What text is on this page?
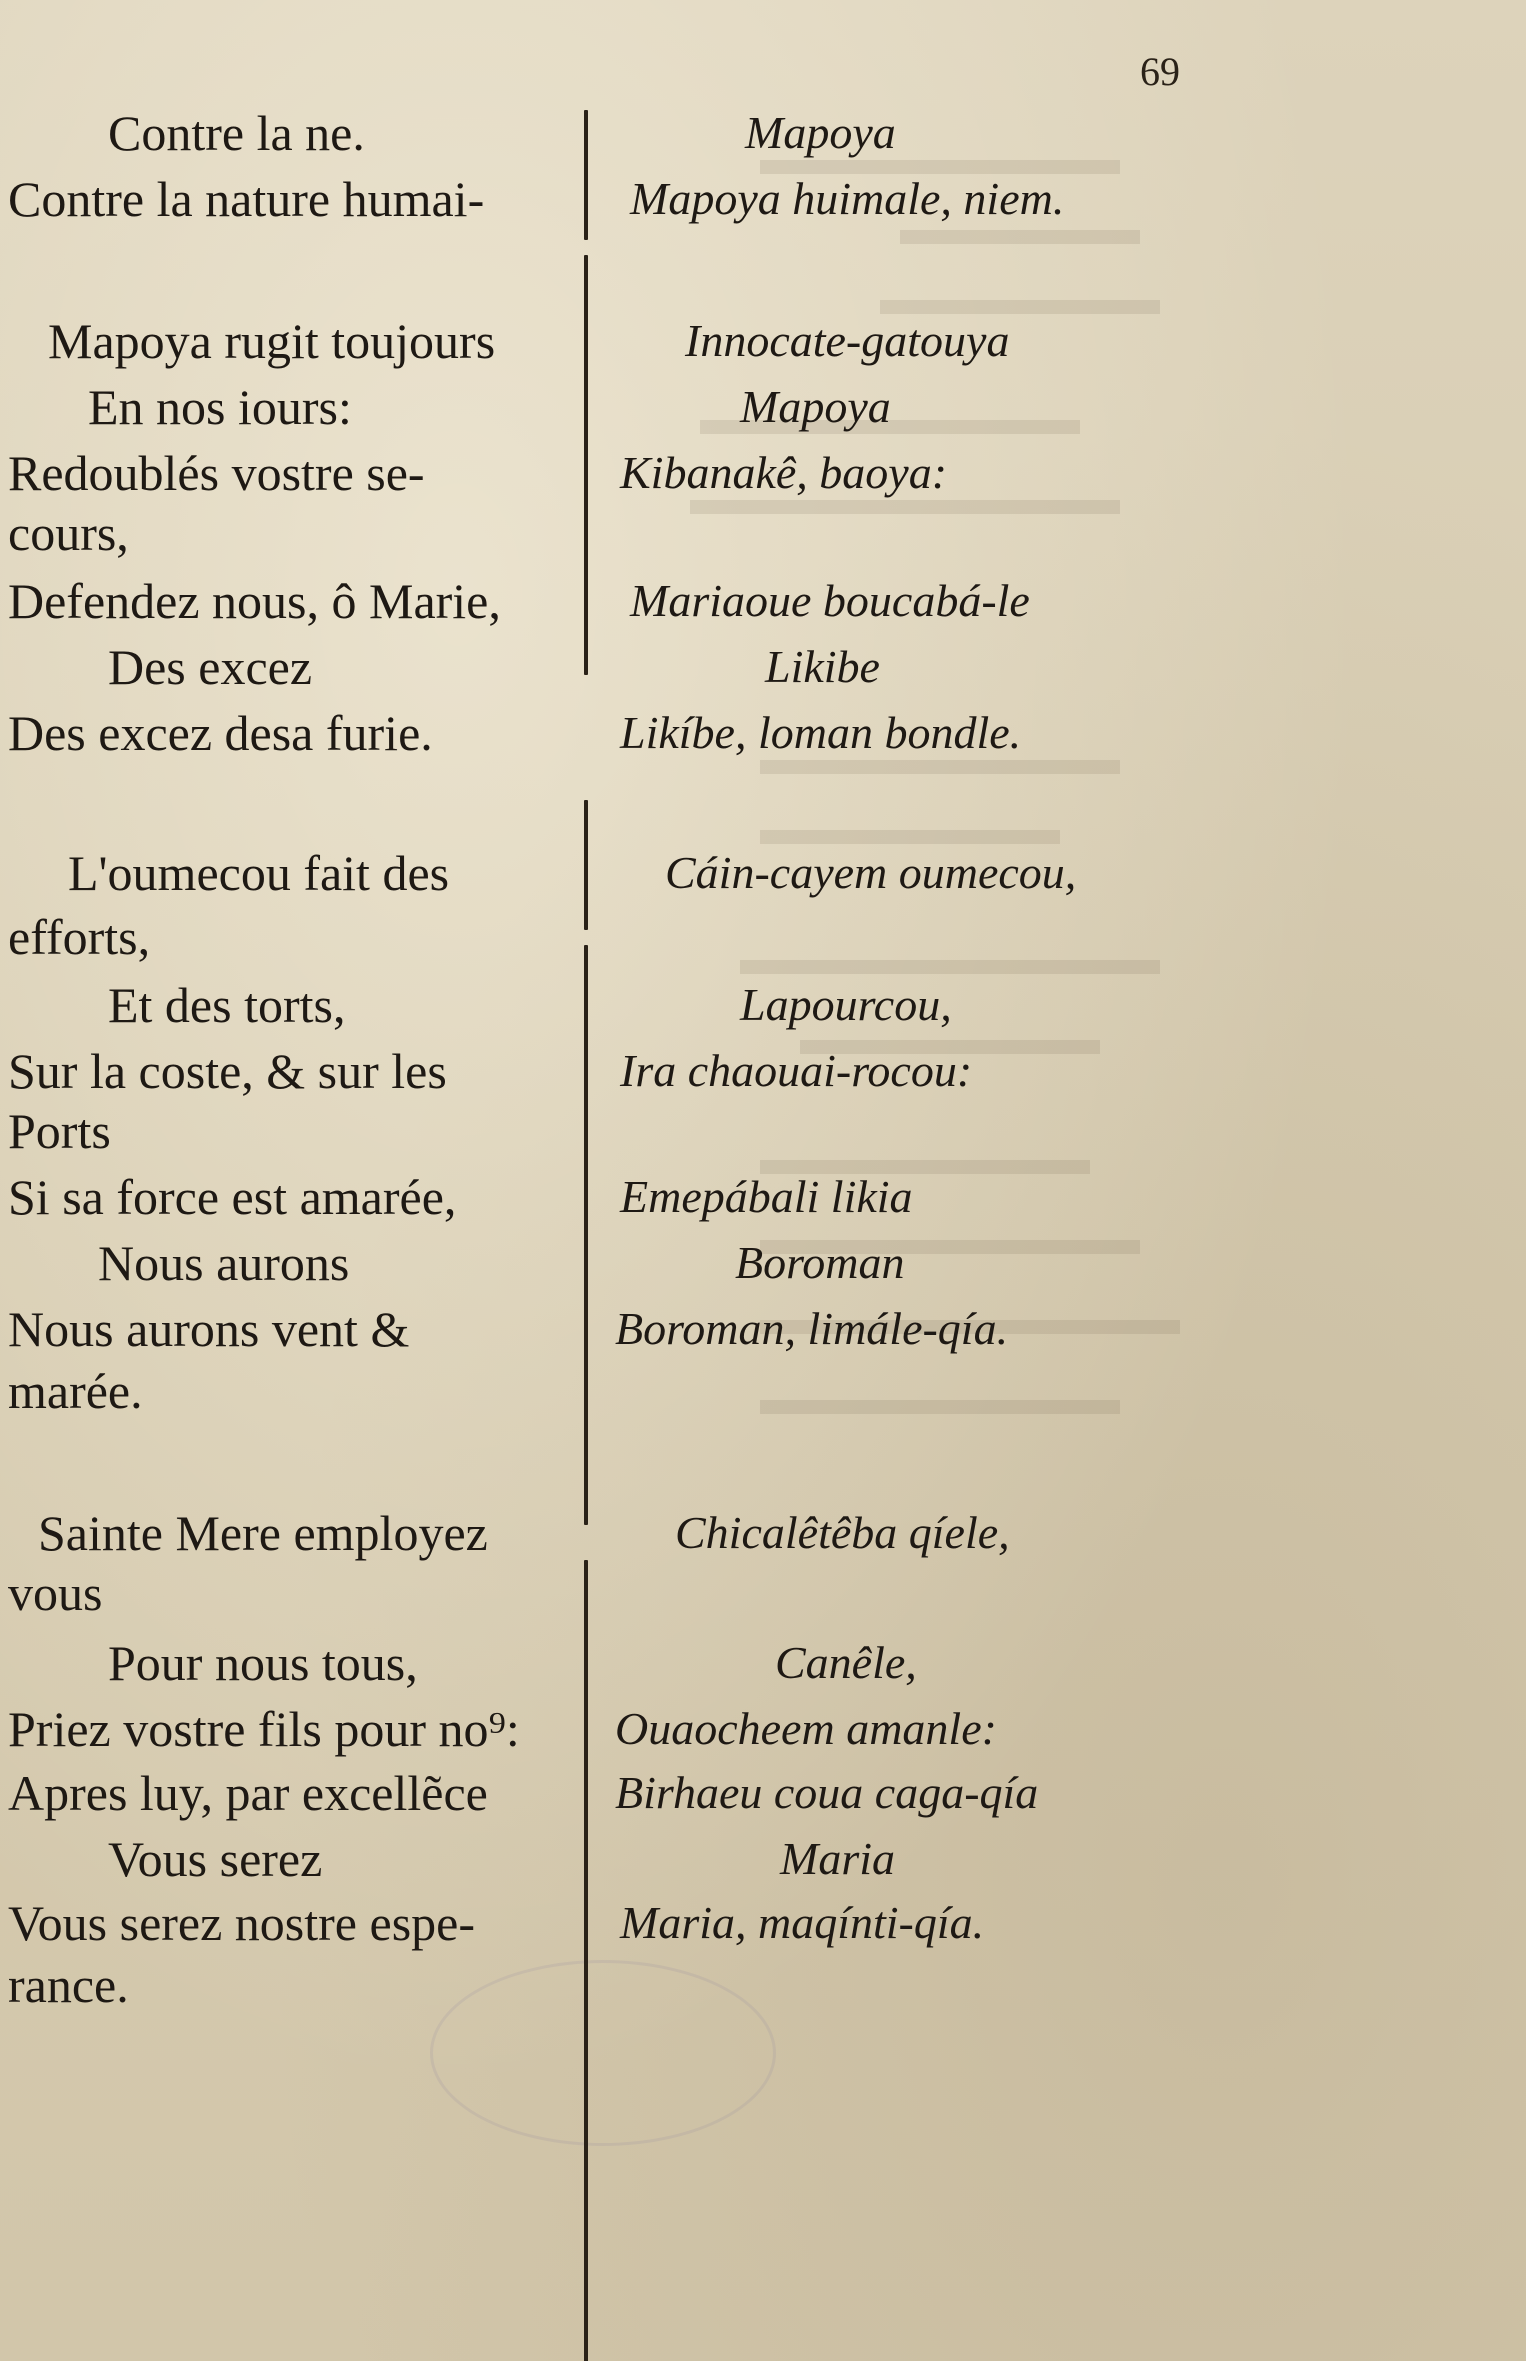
69
Contre la ne.
Contre la nature humai-
Mapoya rugit toujours
En nos iours:
Redoublés vostre se-
cours,
Defendez nous, ô Marie,
Des excez
Des excez desa furie.
L'oumecou fait des
efforts,
Et des torts,
Sur la coste, & sur les
Ports
Si sa force est amarée,
Nous aurons
Nous aurons vent &
marée.
Sainte Mere employez
vous
Pour nous tous,
Priez vostre fils pour no⁹:
Apres luy, par excellẽce
Vous serez
Vous serez nostre espe-
rance.
Mapoya
Mapoya huimale, niem.
Innocate-gatouya
Mapoya
Kibanakê, baoya:
Mariaoue boucabá-le
Likibe
Likíbe, loman bondle.
Cáin-cayem oumecou,
Lapourcou,
Ira chaouai-rocou:
Emepábali likia
Boroman
Boroman, limále-qía.
Chicalêtêba qíele,
Canêle,
Ouaocheem amanle:
Birhaeu coua caga-qía
Maria
Maria, maqínti-qía.
